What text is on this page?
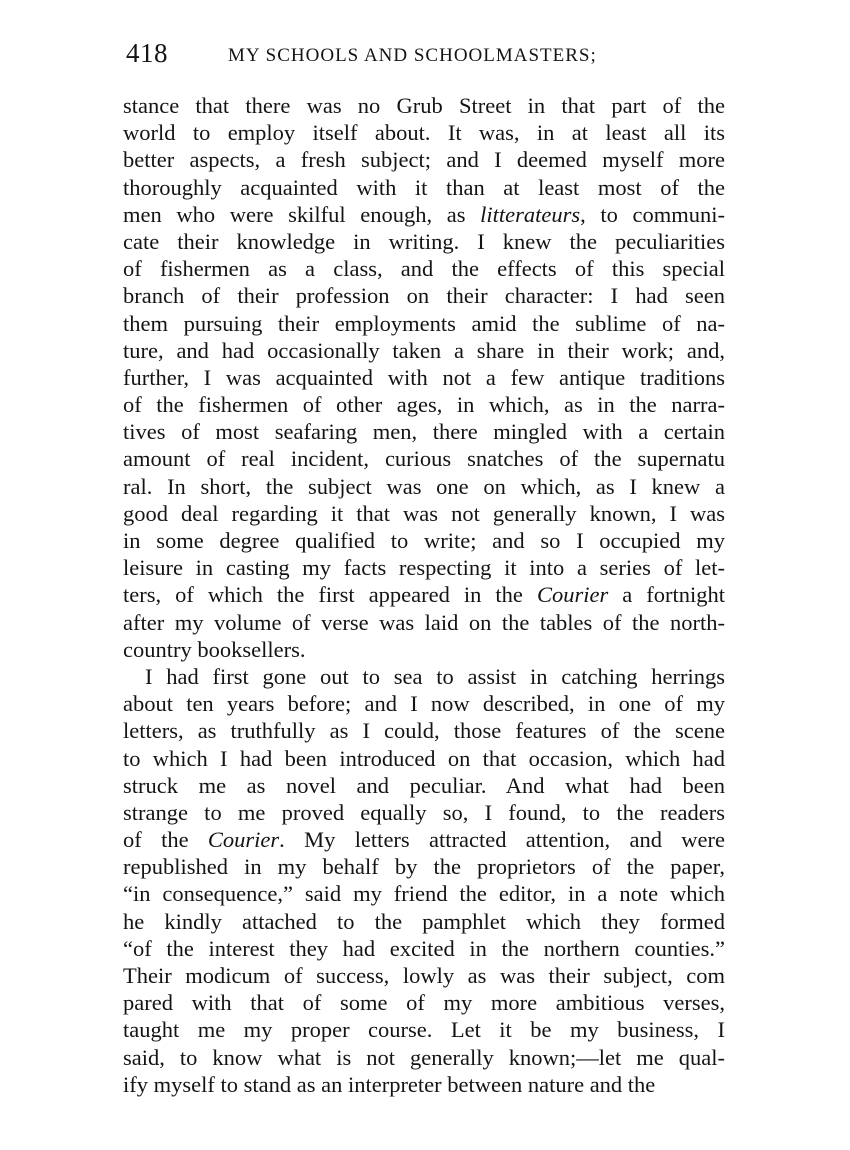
418	MY SCHOOLS AND SCHOOLMASTERS;
stance that there was no Grub Street in that part of the
world to employ itself about. It was, in at least all its
better aspects, a fresh subject; and I deemed myself more
thoroughly acquainted with it than at least most of the
men who were skilful enough, as litterateurs, to communi-
cate their knowledge in writing. I knew the peculiarities
of fishermen as a class, and the effects of this special
branch of their profession on their character: I had seen
them pursuing their employments amid the sublime of na-
ture, and had occasionally taken a share in their work; and,
further, I was acquainted with not a few antique traditions
of the fishermen of other ages, in which, as in the narra-
tives of most seafaring men, there mingled with a certain
amount of real incident, curious snatches of the supernatu
ral. In short, the subject was one on which, as I knew a
good deal regarding it that was not generally known, I was
in some degree qualified to write; and so I occupied my
leisure in casting my facts respecting it into a series of let-
ters, of which the first appeared in the Courier a fortnight
after my volume of verse was laid on the tables of the north-
country booksellers.
I had first gone out to sea to assist in catching herrings
about ten years before; and I now described, in one of my
letters, as truthfully as I could, those features of the scene
to which I had been introduced on that occasion, which had
struck me as novel and peculiar. And what had been
strange to me proved equally so, I found, to the readers
of the Courier. My letters attracted attention, and were
republished in my behalf by the proprietors of the paper,
“in consequence,” said my friend the editor, in a note which
he kindly attached to the pamphlet which they formed
“of the interest they had excited in the northern counties.”
Their modicum of success, lowly as was their subject, com
pared with that of some of my more ambitious verses,
taught me my proper course. Let it be my business, I
said, to know what is not generally known;—let me qual-
ify myself to stand as an interpreter between nature and the
